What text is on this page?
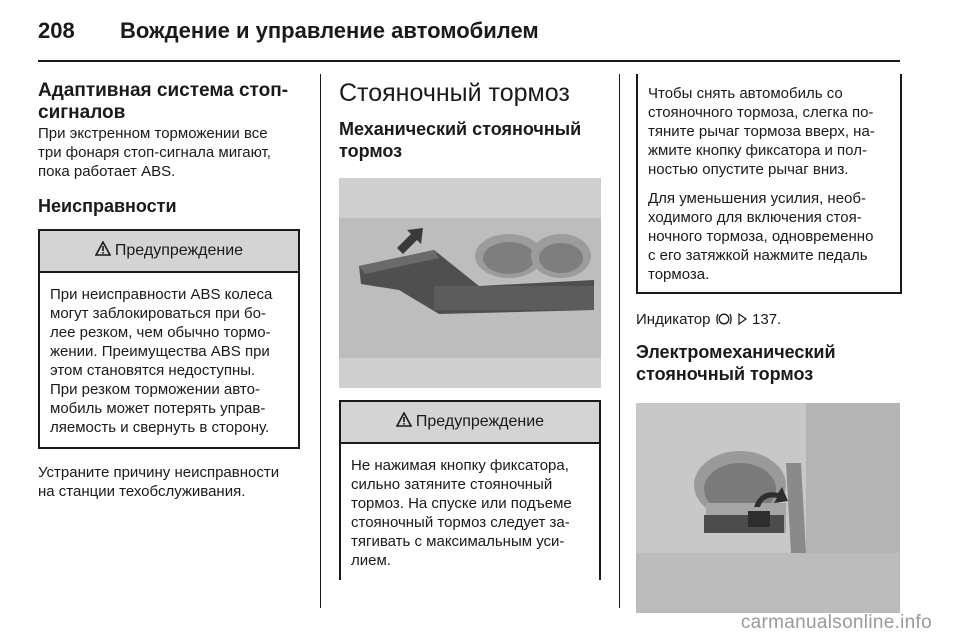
208 Вождение и управление автомобилем
Адаптивная система стоп-
сигналов

При экстренном торможении все
три фонаря стоп-сигнала мигают,
пока работает ABS.

Неисправности
Предупреждение
При неисправности ABS колеса
могут заблокироваться при бо-
лее резком, чем обычно тормо-
жении. Преимущества ABS при
этом становятся недоступны.
При резком торможении авто-
мобиль может потерять управ-
ляемость и свернуть в сторону.

Устраните причину неисправности
на станции техобслуживания.

Стояночный тормоз
Механический стояночный
тормоз
Предупреждение
Не нажимая кнопку фиксатора,
сильно затяните стояночный
тормоз. На спуске или подъеме
стояночный тормоз следует за-
тягивать с максимальным уси-
лием.

Чтобы снять автомобиль со
стояночного тормоза, слегка по-
тяните рычаг тормоза вверх, на-
жмите кнопку фиксатора и пол-
ностью опустите рычаг вниз.

Для уменьшения усилия, необ-
ходимого для включения стоя-
ночного тормоза, одновременно
с его затяжкой нажмите педаль
тормоза.

Индикатор	137.

Электромеханический
стояночный тормоз
carmanualsonline.info
